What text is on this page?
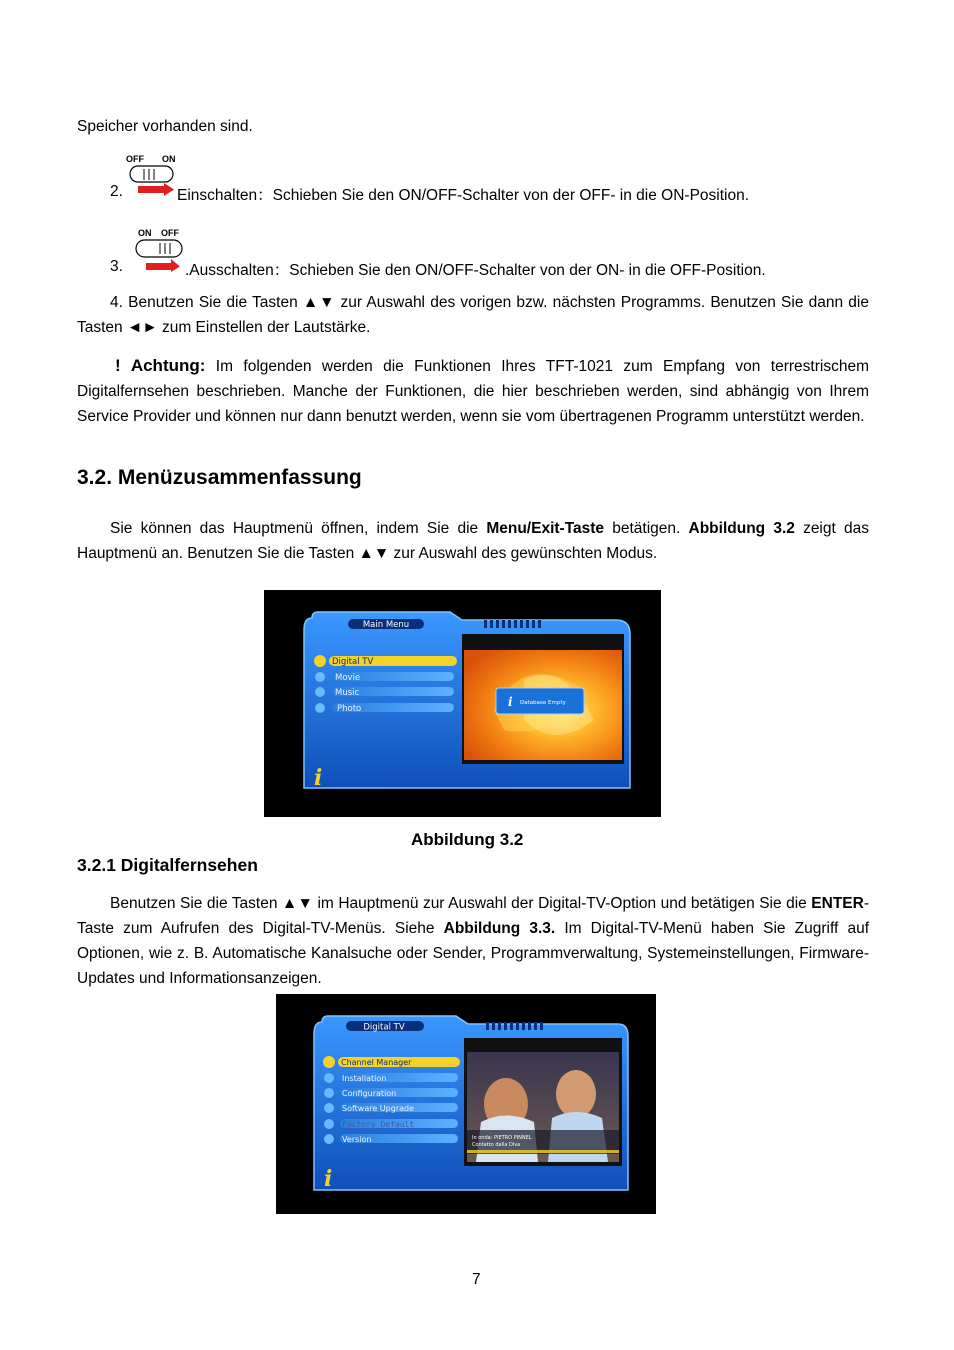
Speicher vorhanden sind.
2.
OFF ON
Einschalten：Schieben Sie den ON/OFF-Schalter von der OFF- in die ON-Position.
3.
ON OFF
.Ausschalten：Schieben Sie den ON/OFF-Schalter von der ON- in die OFF-Position.
4. Benutzen Sie die Tasten ▲▼ zur Auswahl des vorigen bzw. nächsten Programms. Benutzen Sie dann die Tasten ◄► zum Einstellen der Lautstärke.
! Achtung: Im folgenden werden die Funktionen Ihres TFT-1021 zum Empfang von terrestrischem Digitalfernsehen beschrieben. Manche der Funktionen, die hier beschrieben werden, sind abhängig von Ihrem Service Provider und können nur dann benutzt werden, wenn sie vom übertragenen Programm unterstützt werden.
3.2. Menüzusammenfassung
Sie können das Hauptmenü öffnen, indem Sie die Menu/Exit-Taste betätigen. Abbildung 3.2 zeigt das Hauptmenü an. Benutzen Sie die Tasten ▲▼ zur Auswahl des gewünschten Modus.
Main Menu
i Database Empty
Digital TV
Movie
Music
Photo
i
Abbildung 3.2
3.2.1 Digitalfernsehen
Benutzen Sie die Tasten ▲▼ im Hauptmenü zur Auswahl der Digital-TV-Option und betätigen Sie die ENTER-Taste zum Aufrufen des Digital-TV-Menüs. Siehe Abbildung 3.3. Im Digital-TV-Menü haben Sie Zugriff auf Optionen, wie z. B. Automatische Kanalsuche oder Sender, Programmverwaltung, Systemeinstellungen, Firmware-Updates und Informationsanzeigen.
Digital TV
In onda: PIETRO PINNEL
Contatto dalla Diva
Channel Manager
Installation
Configuration
Software Upgrade
Factory Default
Version
i
7
